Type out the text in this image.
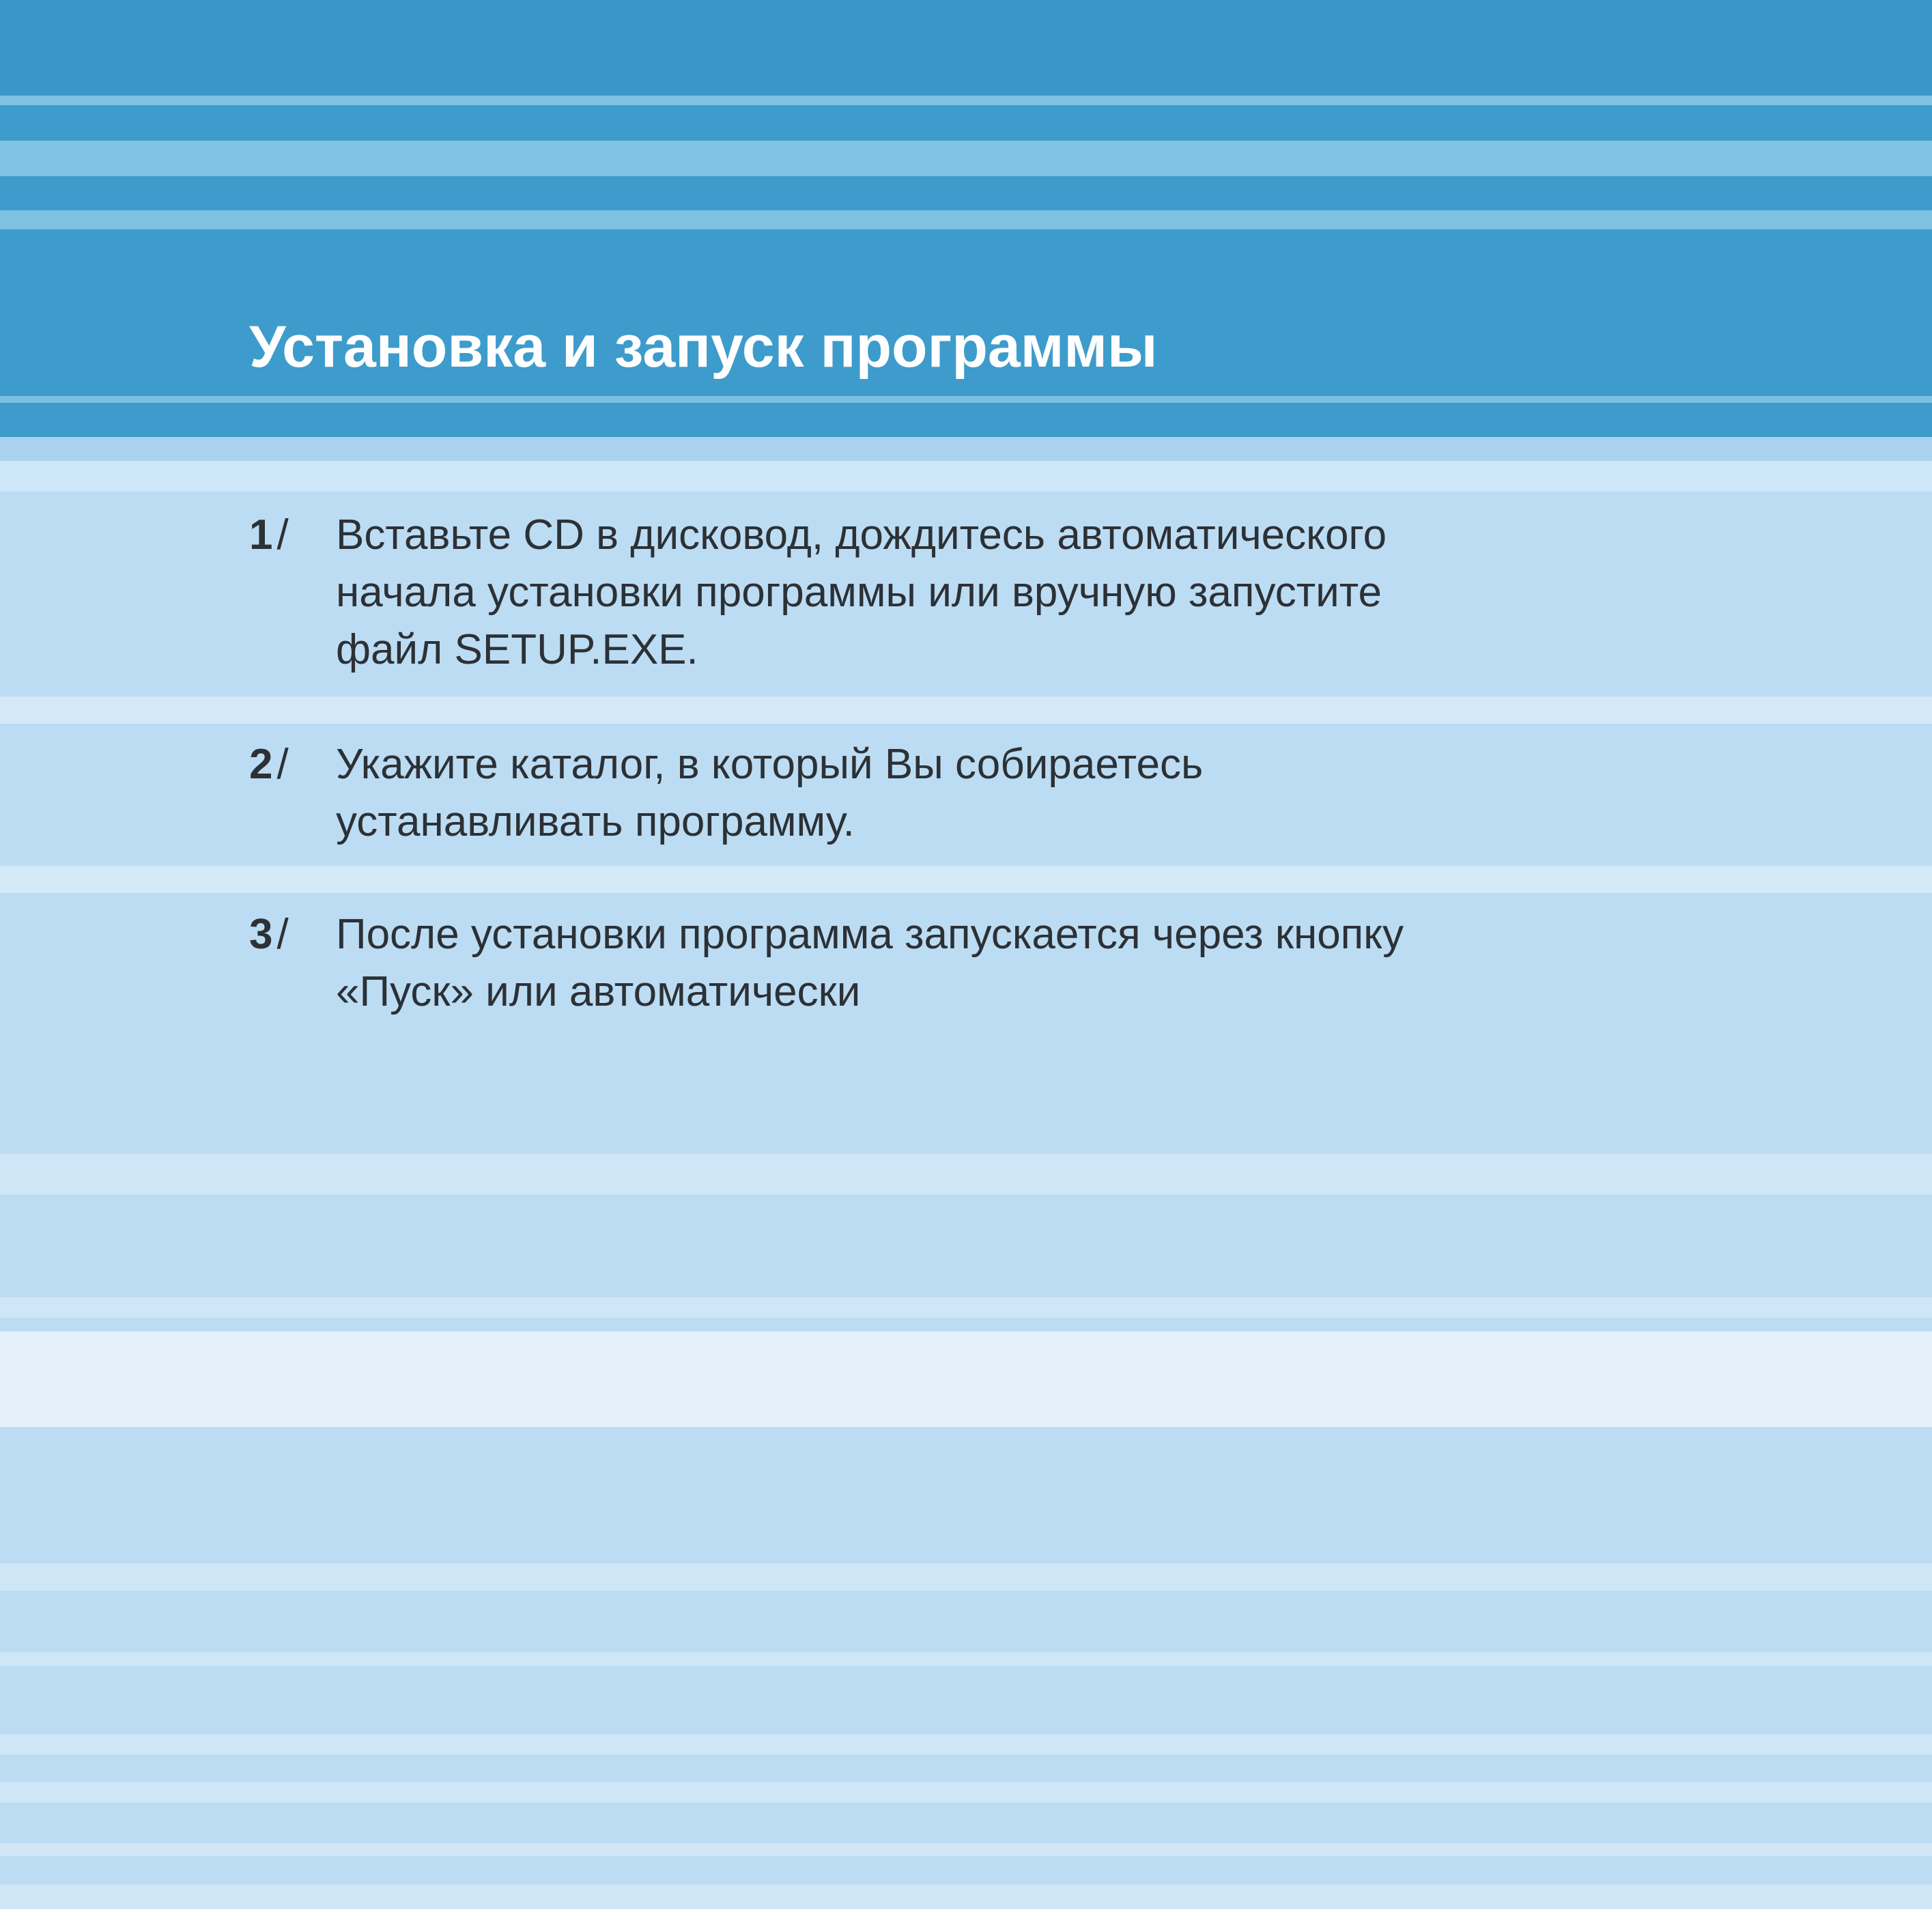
Установка и запуск программы
1/	Вставьте CD в дисковод, дождитесь автоматического
начала установки программы или вручную запустите
файл SETUP.EXE.
2/	Укажите каталог, в который Вы собираетесь
устанавливать программу.
3/	После установки программа запускается через кнопку
«Пуск» или автоматически
